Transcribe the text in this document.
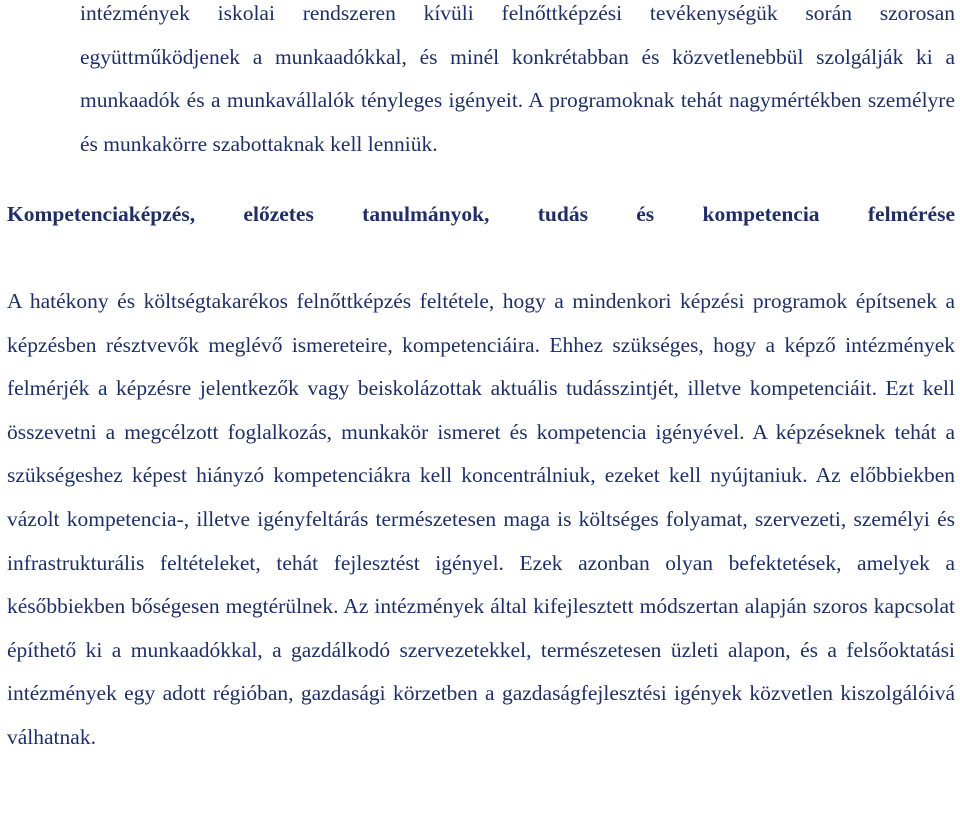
intézmények iskolai rendszeren kívüli felnőttképzési tevékenységük során szorosan együttműködjenek a munkaadókkal, és minél konkrétabban és közvetlenebbül szolgálják ki a munkaadók és a munkavállalók tényleges igényeit. A programoknak tehát nagymértékben személyre és munkakörre szabottaknak kell lenniük.

Kompetenciaképzés, előzetes tanulmányok, tudás és kompetencia felmérése

A hatékony és költségtakarékos felnőttképzés feltétele, hogy a mindenkori képzési programok építsenek a képzésben résztvevők meglévő ismereteire, kompetenciáira. Ehhez szükséges, hogy a képző intézmények felmérjék a képzésre jelentkezők vagy beiskolázottak aktuális tudásszintjét, illetve kompetenciáit. Ezt kell összevetni a megcélzott foglalkozás, munkakör ismeret és kompetencia igényével. A képzéseknek tehát a szükségeshez képest hiányzó kompetenciákra kell koncentrálniuk, ezeket kell nyújtaniuk. Az előbbiekben vázolt kompetencia-, illetve igényfeltárás természetesen maga is költséges folyamat, szervezeti, személyi és infrastrukturális feltételeket, tehát fejlesztést igényel. Ezek azonban olyan befektetések, amelyek a későbbiekben bőségesen megtérülnek. Az intézmények által kifejlesztett módszertan alapján szoros kapcsolat építhető ki a munkaadókkal, a gazdálkodó szervezetekkel, természetesen üzleti alapon, és a felsőoktatási intézmények egy adott régióban, gazdasági körzetben a gazdaságfejlesztési igények közvetlen kiszolgálóivá válhatnak.
